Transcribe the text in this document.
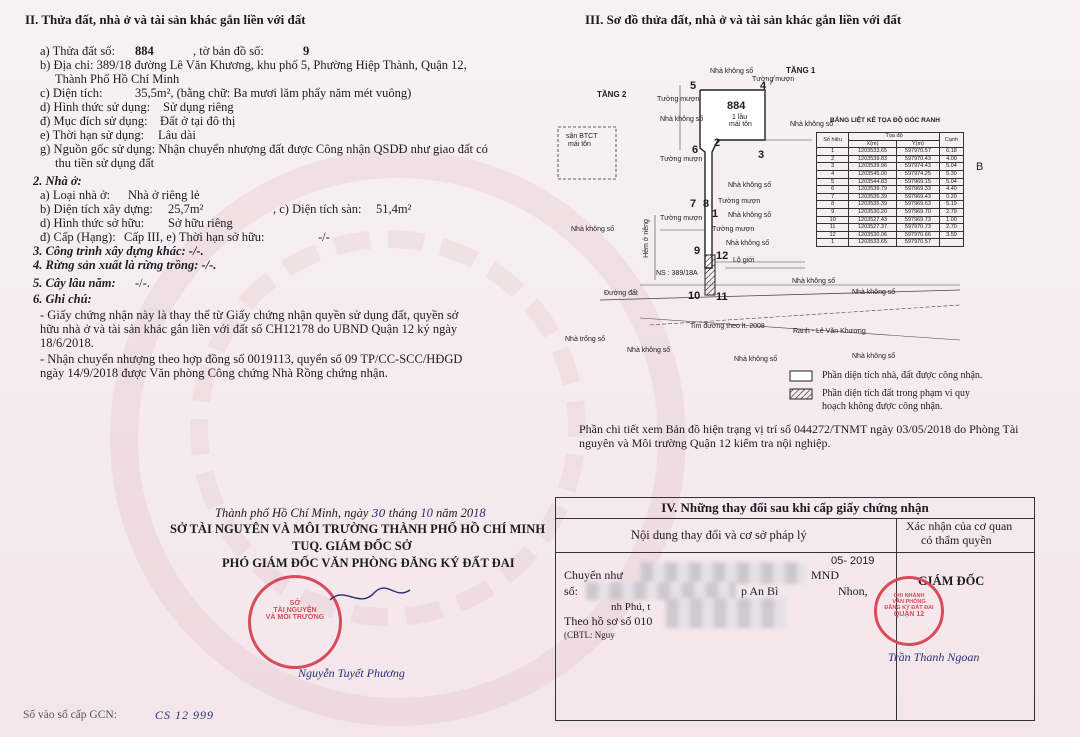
II. Thửa đất, nhà ở và tài sản khác gắn liền với đất
a) Thửa đất số: 884	, tờ bản đồ số:	9
b) Địa chỉ: 389/18 đường Lê Văn Khương, khu phố 5, Phường Hiệp Thành, Quận 12,
Thành Phố Hồ Chí Minh
c) Diện tích:	35,5m², (bằng chữ: Ba mươi lăm phẩy năm mét vuông)
d) Hình thức sử dụng: Sử dụng riêng
đ) Mục đích sử dụng: Đất ở tại đô thị
e) Thời hạn sử dụng: Lâu dài
g) Nguồn gốc sử dụng: Nhận chuyển nhượng đất được Công nhận QSDĐ như giao đất có
thu tiền sử dụng đất
2. Nhà ở:
a) Loại nhà ở: Nhà ở riêng lẻ
b) Diện tích xây dựng: 25,7m²	, c) Diện tích sàn: 51,4m²
d) Hình thức sở hữu: Sở hữu riêng
đ) Cấp (Hạng): Cấp III , e) Thời hạn sở hữu:	-/-
3. Công trình xây dựng khác: -/-.
4. Rừng sản xuất là rừng trồng: -/-.
5. Cây lâu năm: -/-.
6. Ghi chú:
- Giấy chứng nhận này là thay thế từ Giấy chứng nhận quyền sử dụng đất, quyền sở
hữu nhà ở và tài sản khác gắn liền với đất số CH12178 do UBND Quận 12 ký ngày
18/6/2018.
- Nhận chuyển nhượng theo hợp đồng số 0019113, quyển số 09 TP/CC-SCC/HĐGD
ngày 14/9/2018 được Văn phòng Công chứng Nhà Rồng chứng nhận.
III. Sơ đồ thửa đất, nhà ở và tài sản khác gắn liền với đất
TẦNG 1
TẦNG 2
884
1 lầu
mái tôn
sân BTCT
mái tôn
Nhà không số
Tường mượn
Tường mượn
Nhà không số
Nhà không số
Tường mượn
Nhà không số
Tường mượn
Tường mượn	Nhà không số
Nhà không số	Tường mượn
Nhà không số
Hẻm ở riêng
NS : 389/18A
Lộ giới
Nhà không số
Nhà không số
Đường đất
Tim đường theo lt. 2008
Ranh - Lê Văn Khương
Nhà trống số
Nhà không số
Nhà không số	Nhà không số
5	4
6
2
3
7 8
1
9 12
10 11
BẢNG LIỆT KÊ TỌA ĐỘ GÓC RANH
Số hiệu	Tọa độ		Cạnh
	X(m)	Y(m)	
1	1203533.65	597970.57	6.18
2	1203539.83	597970.43	4.00
3	1203539.96	597974.43	5.04
4	1203545.00	597974.25	5.30
5	1203544.83	597969.15	5.04
6	1203539.79	597969.33	4.40
7	1203535.39	597969.43	0.20
8	1203535.39	597969.63	5.19
9	1203530.20	597969.70	2.79
10	1203527.43	597969.73	1.00
11	1203527.37	597970.73	2.70
12	1203530.06	597970.66	3.59
1	1203533.65	597970.57	
B
Phần diện tích nhà, đất được công nhận.
Phần diện tích đất trong phạm vi quy
hoạch không được công nhận.
Phần chi tiết xem Bản đồ hiện trạng vị trí số 044272/TNMT ngày 03/05/2018 do Phòng Tài
nguyên và Môi trường Quận 12 kiểm tra nội nghiệp.
Thành phố Hồ Chí Minh, ngày 30 tháng 10 năm 2018
SỞ TÀI NGUYÊN VÀ MÔI TRƯỜNG THÀNH PHỐ HỒ CHÍ MINH
TUQ. GIÁM ĐỐC SỞ
PHÓ GIÁM ĐỐC VĂN PHÒNG ĐĂNG KÝ ĐẤT ĐAI
SỞ
TÀI NGUYÊN
VÀ MÔI TRƯỜNG
Nguyễn Tuyết Phương
Số vào sổ cấp GCN:	CS 12 999
IV. Những thay đổi sau khi cấp giấy chứng nhận
Nội dung thay đổi và cơ sở pháp lý
Xác nhận của cơ quan
có thẩm quyền
05- 2019
Chuyển như	MND
số:	p An Bì	Nhon,
nh Phú, t
Theo hồ sơ số 010
(CBTL: Nguy
GIÁM ĐỐC
CHI NHÁNH
VĂN PHÒNG
ĐĂNG KÝ ĐẤT ĐAI
QUẬN 12
Trần Thanh Ngoan
